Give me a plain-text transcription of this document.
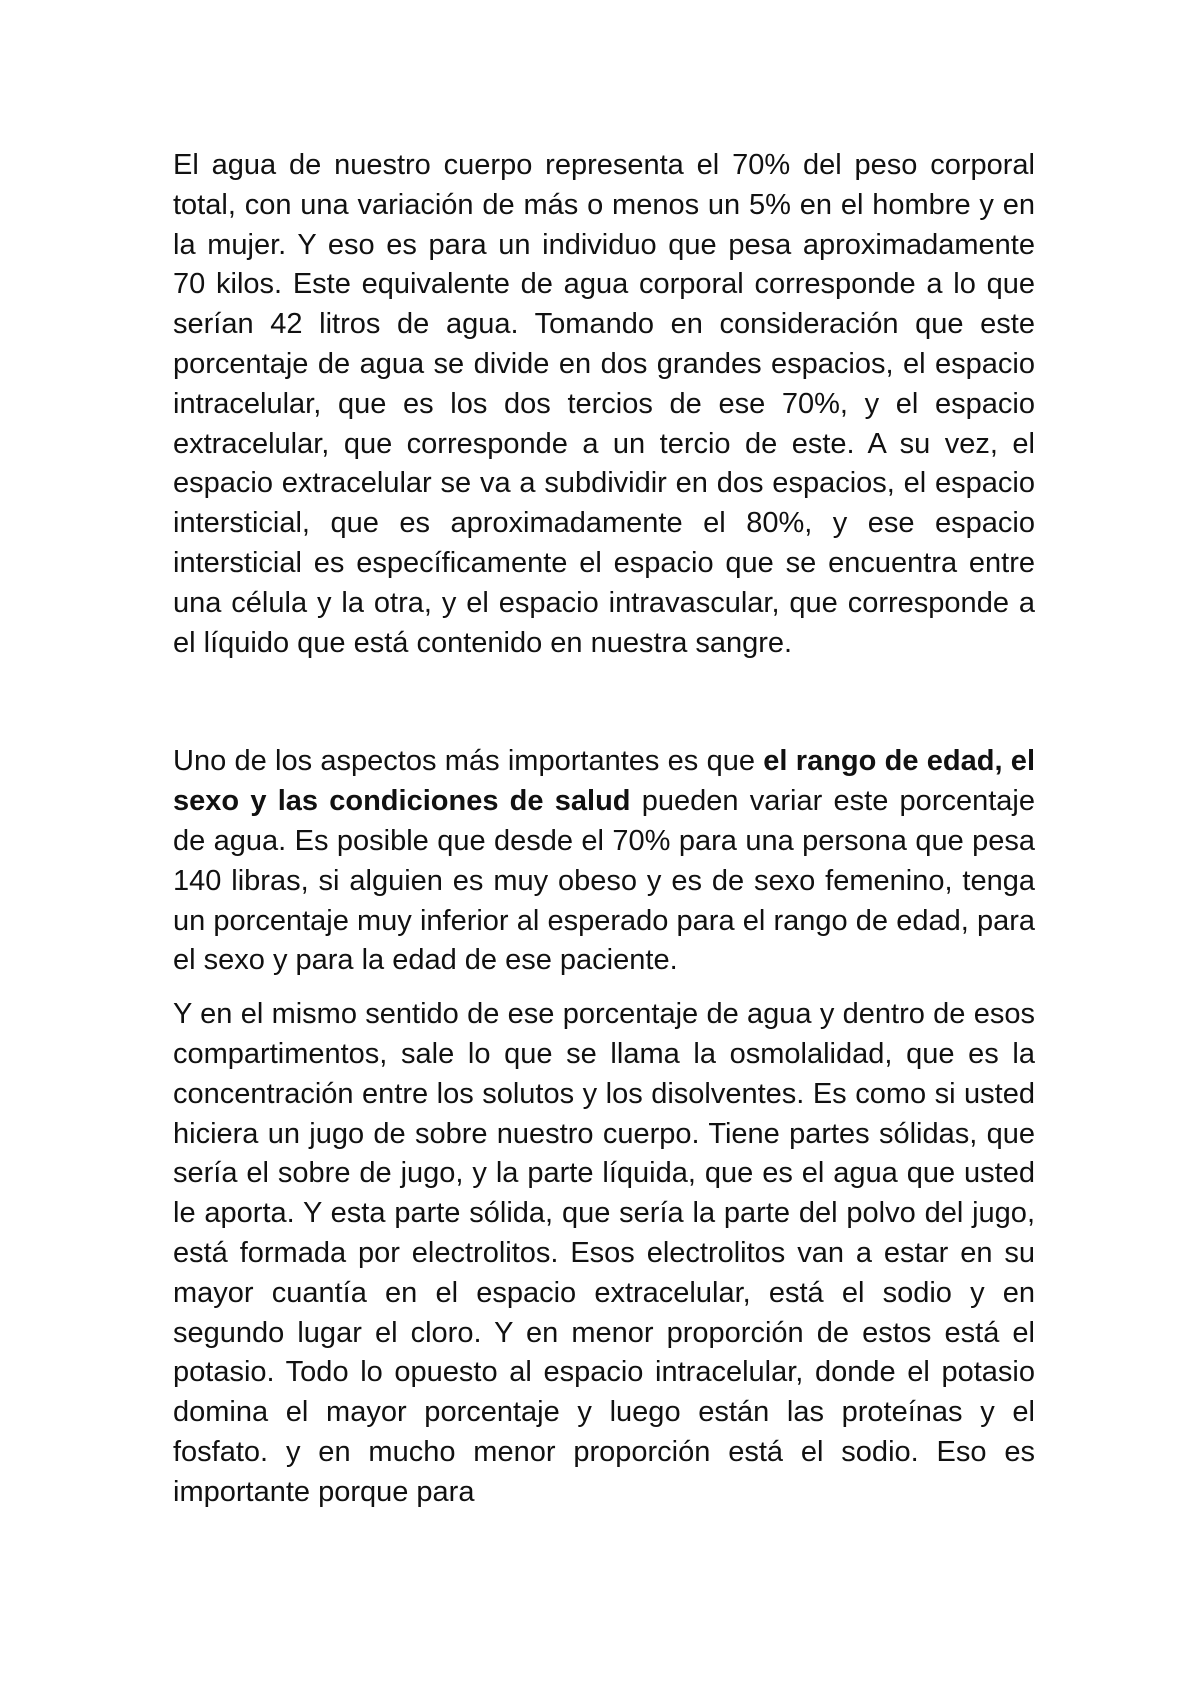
El agua de nuestro cuerpo representa el 70% del peso corporal total, con una variación de más o menos un 5% en el hombre y en la mujer. Y eso es para un individuo que pesa aproximadamente 70 kilos. Este equivalente de agua corporal corresponde a lo que serían 42 litros de agua. Tomando en consideración que este porcentaje de agua se divide en dos grandes espacios, el espacio intracelular, que es los dos tercios de ese 70%, y el espacio extracelular, que corresponde a un tercio de este. A su vez, el espacio extracelular se va a subdividir en dos espacios, el espacio intersticial, que es aproximadamente el 80%, y ese espacio intersticial es específicamente el espacio que se encuentra entre una célula y la otra, y el espacio intravascular, que corresponde a el líquido que está contenido en nuestra sangre.

Uno de los aspectos más importantes es que el rango de edad, el sexo y las condiciones de salud pueden variar este porcentaje de agua. Es posible que desde el 70% para una persona que pesa 140 libras, si alguien es muy obeso y es de sexo femenino, tenga un porcentaje muy inferior al esperado para el rango de edad, para el sexo y para la edad de ese paciente.

Y en el mismo sentido de ese porcentaje de agua y dentro de esos compartimentos, sale lo que se llama la osmolalidad, que es la concentración entre los solutos y los disolventes. Es como si usted hiciera un jugo de sobre nuestro cuerpo. Tiene partes sólidas, que sería el sobre de jugo, y la parte líquida, que es el agua que usted le aporta. Y esta parte sólida, que sería la parte del polvo del jugo, está formada por electrolitos. Esos electrolitos van a estar en su mayor cuantía en el espacio extracelular, está el sodio y en segundo lugar el cloro. Y en menor proporción de estos está el potasio. Todo lo opuesto al espacio intracelular, donde el potasio domina el mayor porcentaje y luego están las proteínas y el fosfato. y en mucho menor proporción está el sodio. Eso es importante porque para
